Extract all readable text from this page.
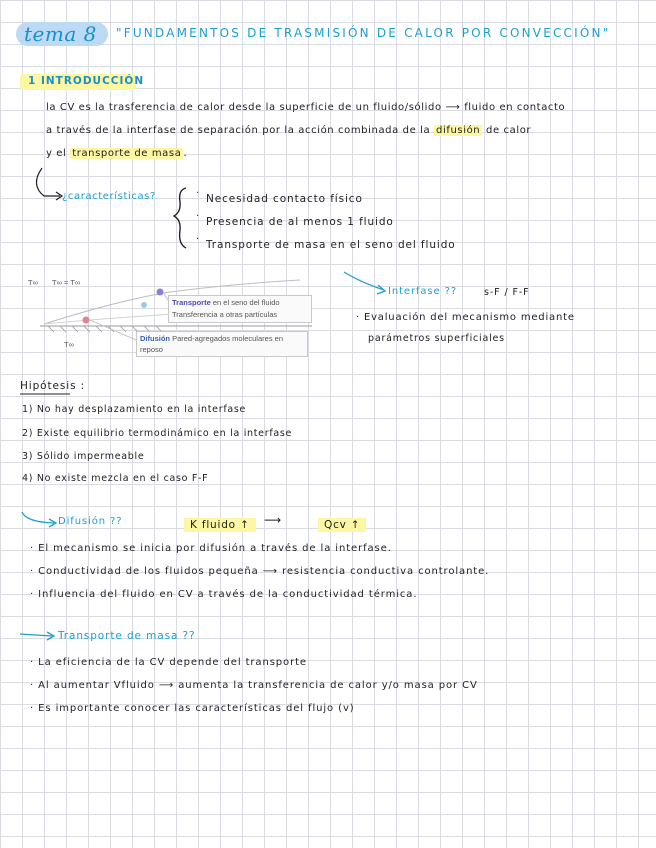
tema 8 "FUNDAMENTOS DE TRASMISIÓN DE CALOR POR CONVECCIÓN"
1 INTRODUCCIÓN
la CV es la trasferencia de calor desde la superficie de un fluido/sólido ⟶ fluido en contacto
a través de la interfase de separación por la acción combinada de la difusión de calor
y el transporte de masa .
¿características?	· Necesidad contacto físico
· Presencia de al menos 1 fluido
· Transporte de masa en el seno del fluido
T∞ T∞ = T∞
T∞
Transporte en el seno del fluido
Transferencia a otras partículas
Difusión Pared-agregados moleculares en
reposo
Interfase ??	s-F / F-F
· Evaluación del mecanismo mediante
parámetros superficiales
Hipótesis :
1) No hay desplazamiento en la interfase
2) Existe equilibrio termodinámico en la interfase
3) Sólido impermeable
4) No existe mezcla en el caso F-F
Difusión ??	K fluido ↑	⟶	Qcv ↑
· El mecanismo se inicia por difusión a través de la interfase.
· Conductividad de los fluidos pequeña ⟶ resistencia conductiva controlante.
· Influencia del fluido en CV a través de la conductividad térmica.
Transporte de masa ??
· La eficiencia de la CV depende del transporte
· Al aumentar Vfluido ⟶ aumenta la transferencia de calor y/o masa por CV
· Es importante conocer las características del flujo (v)
